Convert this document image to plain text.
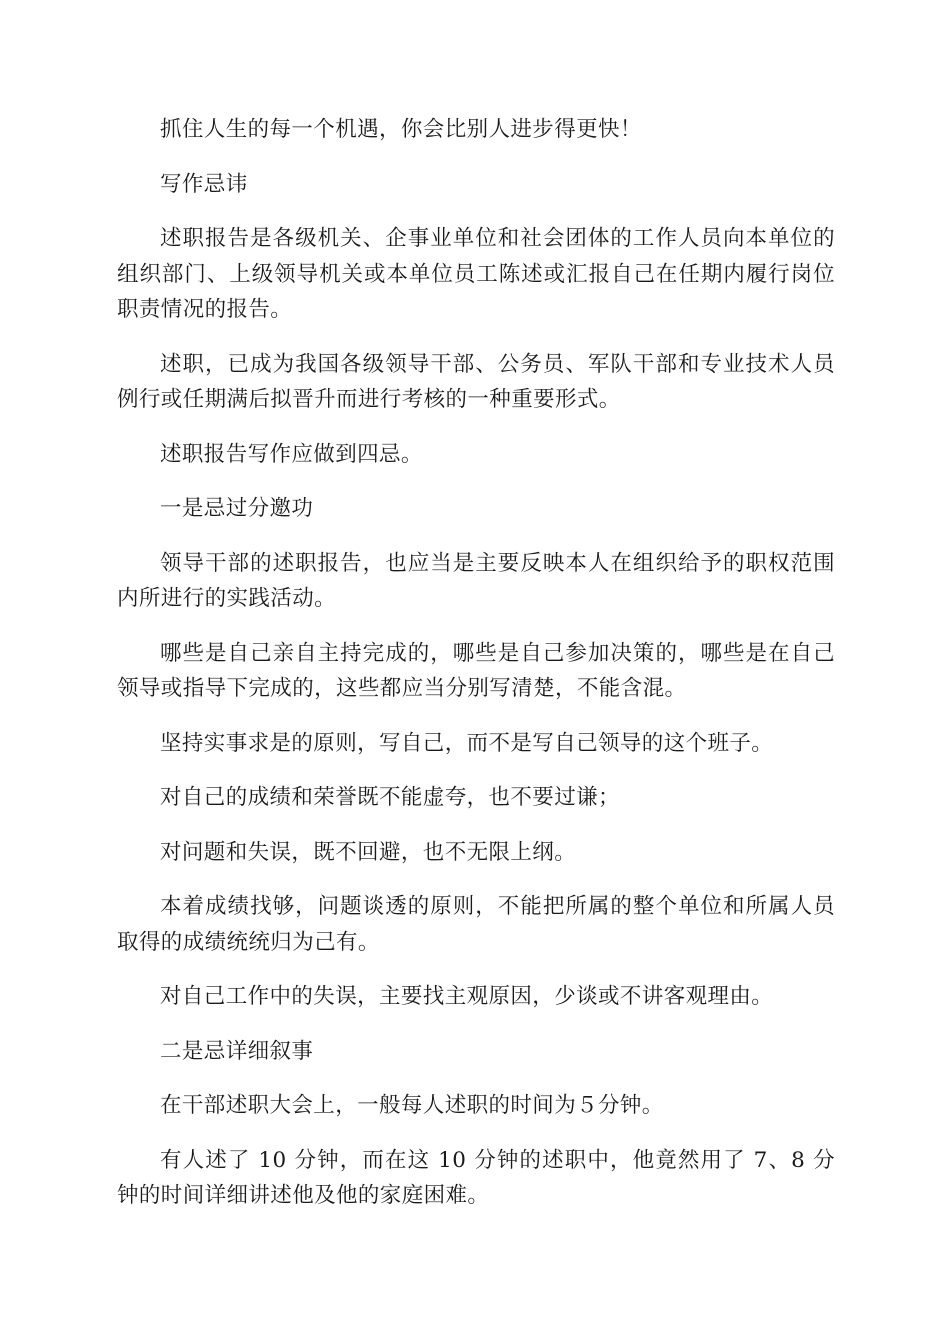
抓住人生的每一个机遇，你会比别人进步得更快！

写作忌讳

述职报告是各级机关、企事业单位和社会团体的工作人员向本单位的组织部门、上级领导机关或本单位员工陈述或汇报自己在任期内履行岗位职责情况的报告。

述职，已成为我国各级领导干部、公务员、军队干部和专业技术人员例行或任期满后拟晋升而进行考核的一种重要形式。

述职报告写作应做到四忌。

一是忌过分邀功

领导干部的述职报告，也应当是主要反映本人在组织给予的职权范围内所进行的实践活动。

哪些是自己亲自主持完成的，哪些是自己参加决策的，哪些是在自己领导或指导下完成的，这些都应当分别写清楚，不能含混。

坚持实事求是的原则，写自己，而不是写自己领导的这个班子。

对自己的成绩和荣誉既不能虚夸，也不要过谦；

对问题和失误，既不回避，也不无限上纲。

本着成绩找够，问题谈透的原则，不能把所属的整个单位和所属人员取得的成绩统统归为己有。

对自己工作中的失误，主要找主观原因，少谈或不讲客观理由。

二是忌详细叙事

在干部述职大会上，一般每人述职的时间为５分钟。

有人述了 10 分钟，而在这 10 分钟的述职中，他竟然用了 7、8 分钟的时间详细讲述他及他的家庭困难。
